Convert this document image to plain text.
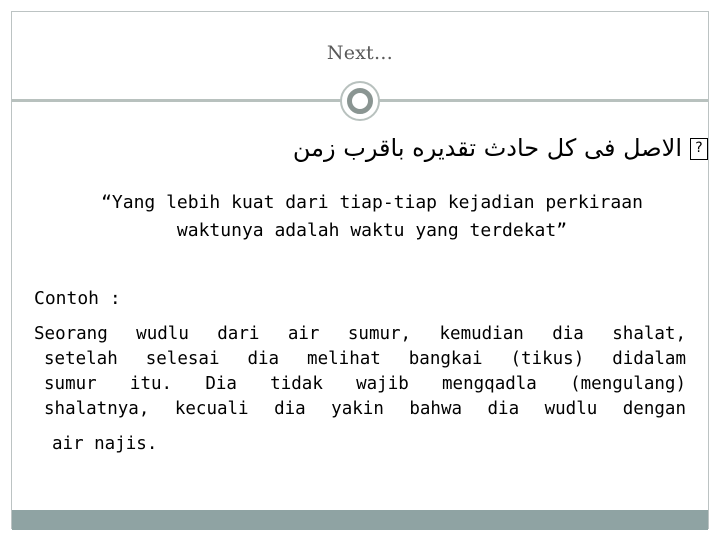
Next…
?الاصل فى كل حادث تقديره باقرب زمن
“Yang lebih kuat dari tiap-tiap kejadian perkiraan
waktunya adalah waktu yang terdekat”
Contoh :
Seorang wudlu dari air sumur, kemudian dia shalat,
setelah selesai dia melihat bangkai (tikus) didalam
sumur itu. Dia tidak wajib mengqadla (mengulang)
shalatnya, kecuali dia yakin bahwa dia wudlu dengan
air najis.
